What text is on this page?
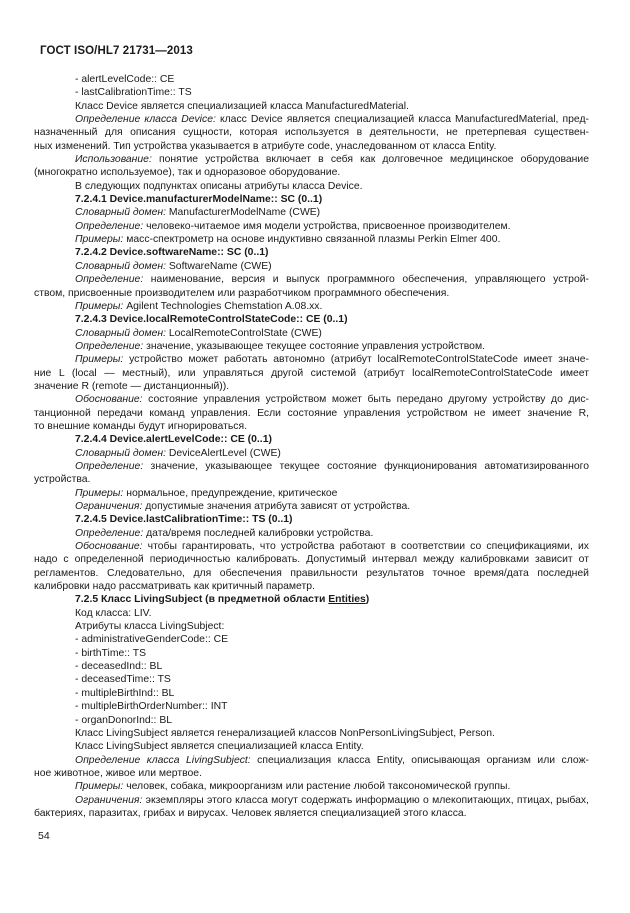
ГОСТ ISO/HL7 21731—2013
- alertLevelCode:: CE
- lastCalibrationTime:: TS
Класс Device является специализацией класса ManufacturedMaterial.
Определение класса Device: класс Device является специализацией класса ManufacturedMaterial, пред-
назначенный для описания сущности, которая используется в деятельности, не претерпевая существен-
ных изменений. Тип устройства указывается в атрибуте code, унаследованном от класса Entity.
Использование: понятие устройства включает в себя как долговечное медицинское оборудование
(многократно используемое), так и одноразовое оборудование.
В следующих подпунктах описаны атрибуты класса Device.
7.2.4.1 Device.manufacturerModelName:: SC (0..1)
Словарный домен: ManufacturerModelName (CWE)
Определение: человеко-читаемое имя модели устройства, присвоенное производителем.
Примеры: масс-спектрометр на основе индуктивно связанной плазмы Perkin Elmer 400.
7.2.4.2 Device.softwareName:: SC (0..1)
Словарный домен: SoftwareName (CWE)
Определение: наименование, версия и выпуск программного обеспечения, управляющего устрой-
ством, присвоенные производителем или разработчиком программного обеспечения.
Примеры: Agilent Technologies Chemstation A.08.xx.
7.2.4.3 Device.localRemoteControlStateCode:: CE (0..1)
Словарный домен: LocalRemoteControlState (CWE)
Определение: значение, указывающее текущее состояние управления устройством.
Примеры: устройство может работать автономно (атрибут localRemoteControlStateCode имеет значе-
ние L (local — местный), или управляться другой системой (атрибут localRemoteControlStateCode имеет
значение R (remote — дистанционный)).
Обоснование: состояние управления устройством может быть передано другому устройству до дис-
танционной передачи команд управления. Если состояние управления устройством не имеет значение R,
то внешние команды будут игнорироваться.
7.2.4.4 Device.alertLevelCode:: CE (0..1)
Словарный домен: DeviceAlertLevel (CWE)
Определение: значение, указывающее текущее состояние функционирования автоматизированного
устройства.
Примеры: нормальное, предупреждение, критическое
Ограничения: допустимые значения атрибута зависят от устройства.
7.2.4.5 Device.lastCalibrationTime:: TS (0..1)
Определение: дата/время последней калибровки устройства.
Обоснование: чтобы гарантировать, что устройства работают в соответствии со спецификациями, их
надо с определенной периодичностью калибровать. Допустимый интервал между калибровками зависит от
регламентов. Следовательно, для обеспечения правильности результатов точное время/дата последней
калибровки надо рассматривать как критичный параметр.
7.2.5 Класс LivingSubject (в предметной области Entities)
Код класса: LIV.
Атрибуты класса LivingSubject:
- administrativeGenderCode:: CE
- birthTime:: TS
- deceasedInd:: BL
- deceasedTime:: TS
- multipleBirthInd:: BL
- multipleBirthOrderNumber:: INT
- organDonorInd:: BL
Класс LivingSubject является генерализацией классов NonPersonLivingSubject, Person.
Класс LivingSubject является специализацией класса Entity.
Определение класса LivingSubject: специализация класса Entity, описывающая организм или слож-
ное животное, живое или мертвое.
Примеры: человек, собака, микроорганизм или растение любой таксономической группы.
Ограничения: экземпляры этого класса могут содержать информацию о млекопитающих, птицах, рыбах,
бактериях, паразитах, грибах и вирусах. Человек является специализацией этого класса.
54
